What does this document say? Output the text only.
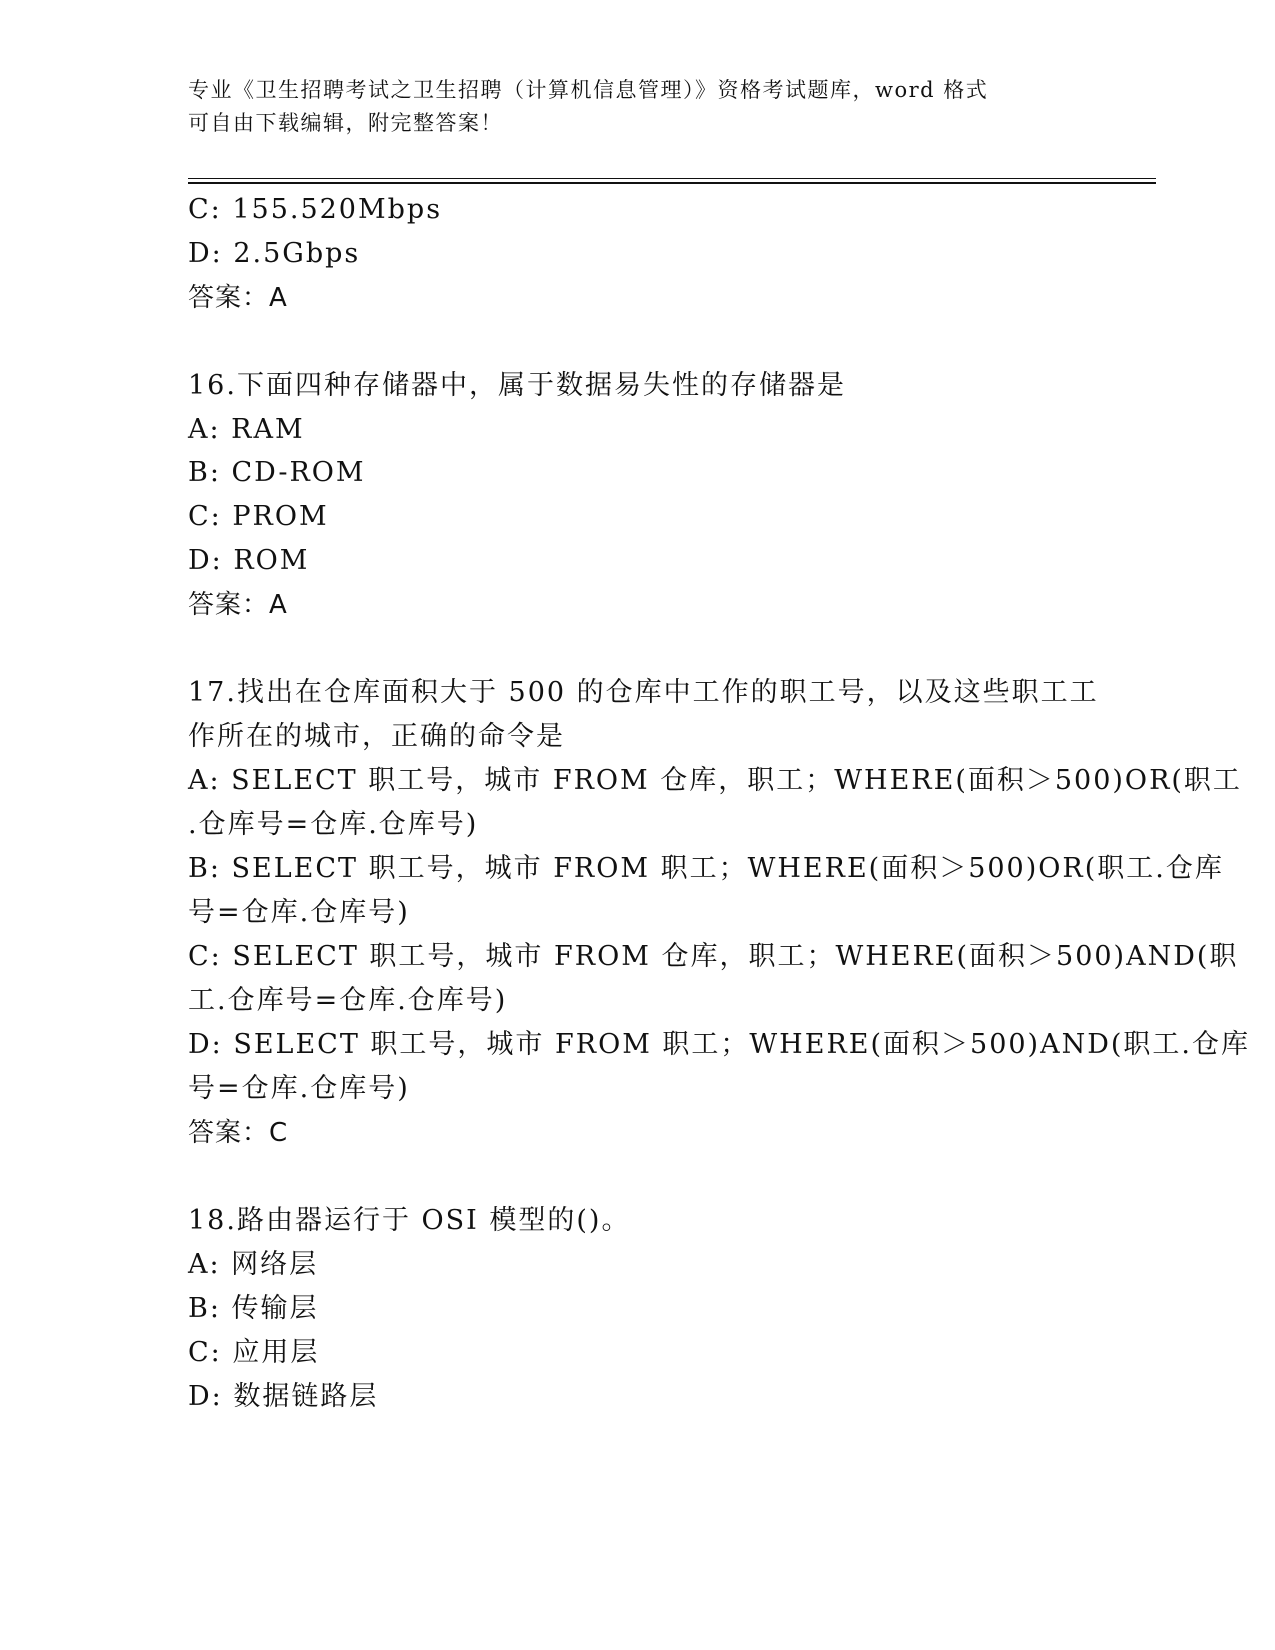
专业《卫生招聘考试之卫生招聘（计算机信息管理）》资格考试题库，word 格式
可自由下载编辑，附完整答案！
C: 155.520Mbps
D: 2.5Gbps
答案：A
16.下面四种存储器中，属于数据易失性的存储器是
A: RAM
B: CD-ROM
C: PROM
D: ROM
答案：A
17.找出在仓库面积大于 500 的仓库中工作的职工号，以及这些职工工
作所在的城市，正确的命令是
A: SELECT 职工号，城市 FROM 仓库，职工；WHERE(面积＞500)OR(职工
.仓库号=仓库.仓库号)
B: SELECT 职工号，城市 FROM 职工；WHERE(面积＞500)OR(职工.仓库
号=仓库.仓库号)
C: SELECT 职工号，城市 FROM 仓库，职工；WHERE(面积＞500)AND(职
工.仓库号=仓库.仓库号)
D: SELECT 职工号，城市 FROM 职工；WHERE(面积＞500)AND(职工.仓库
号=仓库.仓库号)
答案：C
18.路由器运行于 OSI 模型的()。
A: 网络层
B: 传输层
C: 应用层
D: 数据链路层
